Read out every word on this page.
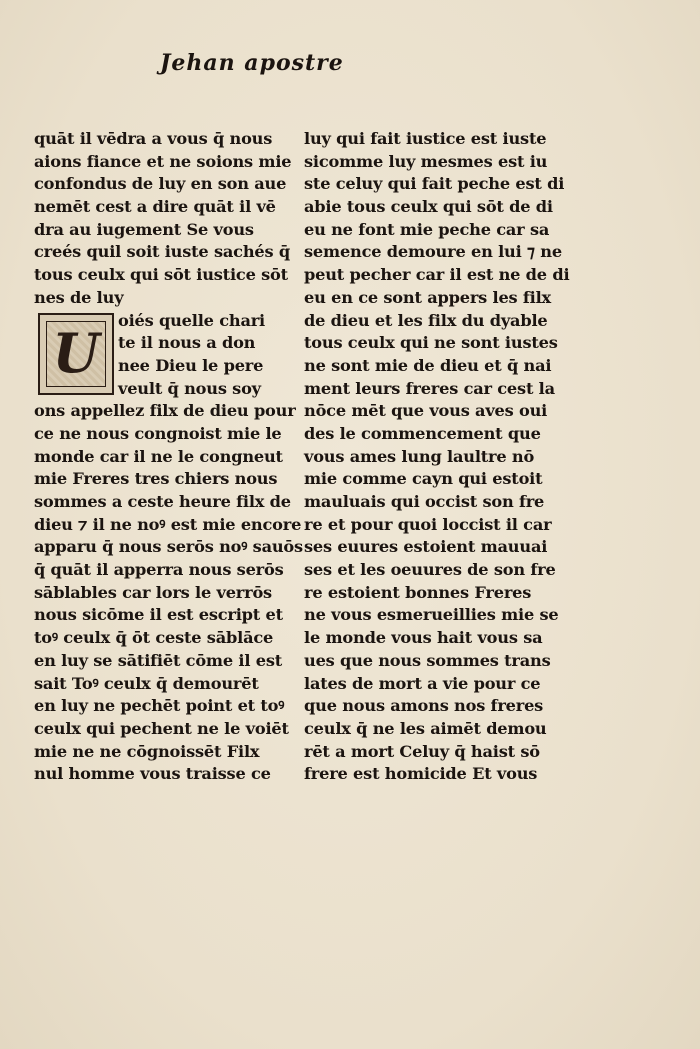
Jehan apostre
quāt il vēdra a vous q̄ nous
aions fiance et ne soions mie
confondus de luy en son aue
nemēt cest a dire quāt il vē
dra au iugement Se vous
creés quil soit iuste sachés q̄
tous ceulx qui sōt iustice sōt
nes de luy
U
oiés quelle chari
te il nous a don
nee Dieu le pere
veult q̄ nous soy
ons appellez filx de dieu pour
ce ne nous congnoist mie le
monde car il ne le congneut
mie Freres tres chiers nous
sommes a ceste heure filx de
dieu ⁊ il ne noꝰ est mie encore
apparu q̄ nous serōs noꝰ sauōs
q̄ quāt il apperra nous serōs
sāblables car lors le verrōs
nous sicōme il est escript et
toꝰ ceulx q̄ ōt ceste sāblāce
en luy se sātifiēt cōme il est
sait Toꝰ ceulx q̄ demourēt
en luy ne pechēt point et toꝰ
ceulx qui pechent ne le voiēt
mie ne ne cōgnoissēt Filx
nul homme vous traisse ce
luy qui fait iustice est iuste
sicomme luy mesmes est iu
ste celuy qui fait peche est di
abie tous ceulx qui sōt de di
eu ne font mie peche car sa
semence demoure en lui ⁊ ne
peut pecher car il est ne de di
eu en ce sont appers les filx
de dieu et les filx du dyable
tous ceulx qui ne sont iustes
ne sont mie de dieu et q̄ nai
ment leurs freres car cest la
nōce mēt que vous aves oui
des le commencement que
vous ames lung laultre nō
mie comme cayn qui estoit
mauluais qui occist son fre
re et pour quoi loccist il car
ses euures estoient mauuai
ses et les oeuures de son fre
re estoient bonnes Freres
ne vous esmerueillies mie se
le monde vous hait vous sa
ues que nous sommes trans
lates de mort a vie pour ce
que nous amons nos freres
ceulx q̄ ne les aimēt demou
rēt a mort Celuy q̄ haist sō
frere est homicide Et vous
